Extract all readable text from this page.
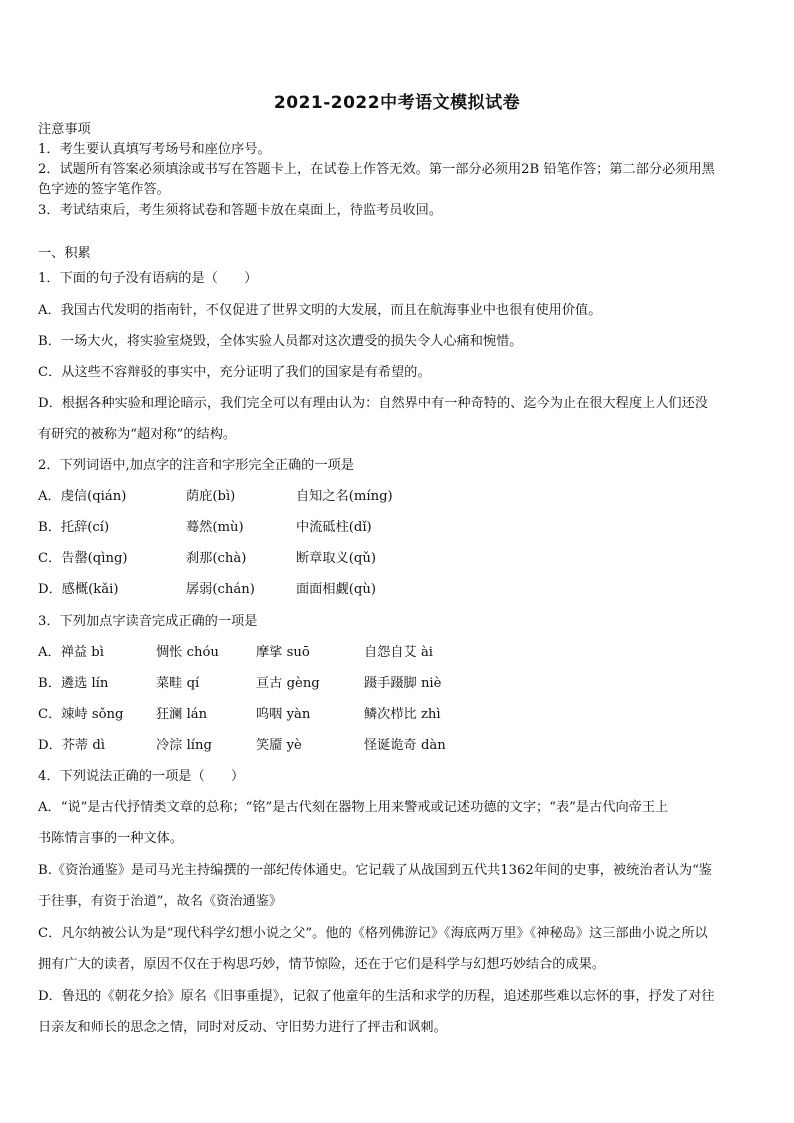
2021-2022中考语文模拟试卷
注意事项
1．考生要认真填写考场号和座位序号。
2．试题所有答案必须填涂或书写在答题卡上，在试卷上作答无效。第一部分必须用2B 铅笔作答；第二部分必须用黑
色字迹的签字笔作答。
3．考试结束后，考生须将试卷和答题卡放在桌面上，待监考员收回。
一、积累
1．下面的句子没有语病的是（　　）
A．我国古代发明的指南针，不仅促进了世界文明的大发展，而且在航海事业中也很有使用价值。
B．一场大火，将实验室烧毁，全体实验人员都对这次遭受的损失令人心痛和惋惜。
C．从这些不容辩驳的事实中，充分证明了我们的国家是有希望的。
D．根据各种实验和理论暗示，我们完全可以有理由认为：自然界中有一种奇特的、迄今为止在很大程度上人们还没
有研究的被称为“超对称”的结构。
2．下列词语中,加点字的注音和字形完全正确的一项是
A．虔信(qián)	荫庇(bì)	自知之名(míng)
B．托辞(cí)	蓦然(mù)	中流砥柱(dǐ)
C．告罄(qìng)	刹那(chà)	断章取义(qǔ)
D．感概(kǎi)	孱弱(chán)	面面相觑(qù)
3．下列加点字读音完成正确的一项是
A．禅益 bì	惆怅 chóu	摩挲 suō	自怨自艾 ài
B．遴选 lín	菜畦 qí	亘古 gèng	蹑手蹑脚 niè
C．竦峙 sǒng 狂澜 lán	呜咽 yàn	鳞次栉比 zhì
D．芥蒂 dì	冷淙 líng	笑靥 yè	怪诞诡奇 dàn
4．下列说法正确的一项是（　　）
A．“说”是古代抒情类文章的总称；“铭”是古代刻在器物上用来警戒或记述功德的文字；“表”是古代向帝王上
书陈情言事的一种文体。
B.《资治通鉴》是司马光主持编撰的一部纪传体通史。它记载了从战国到五代共1362年间的史事，被统治者认为“鉴
于往事，有资于治道”，故名《资治通鉴》
C．凡尔纳被公认为是“现代科学幻想小说之父”。他的《格列佛游记》《海底两万里》《神秘岛》这三部曲小说之所以
拥有广大的读者，原因不仅在于构思巧妙，情节惊险，还在于它们是科学与幻想巧妙结合的成果。
D．鲁迅的《朝花夕拾》原名《旧事重提》，记叙了他童年的生活和求学的历程，追述那些难以忘怀的事，抒发了对往
日亲友和师长的思念之情，同时对反动、守旧势力进行了抨击和讽刺。
